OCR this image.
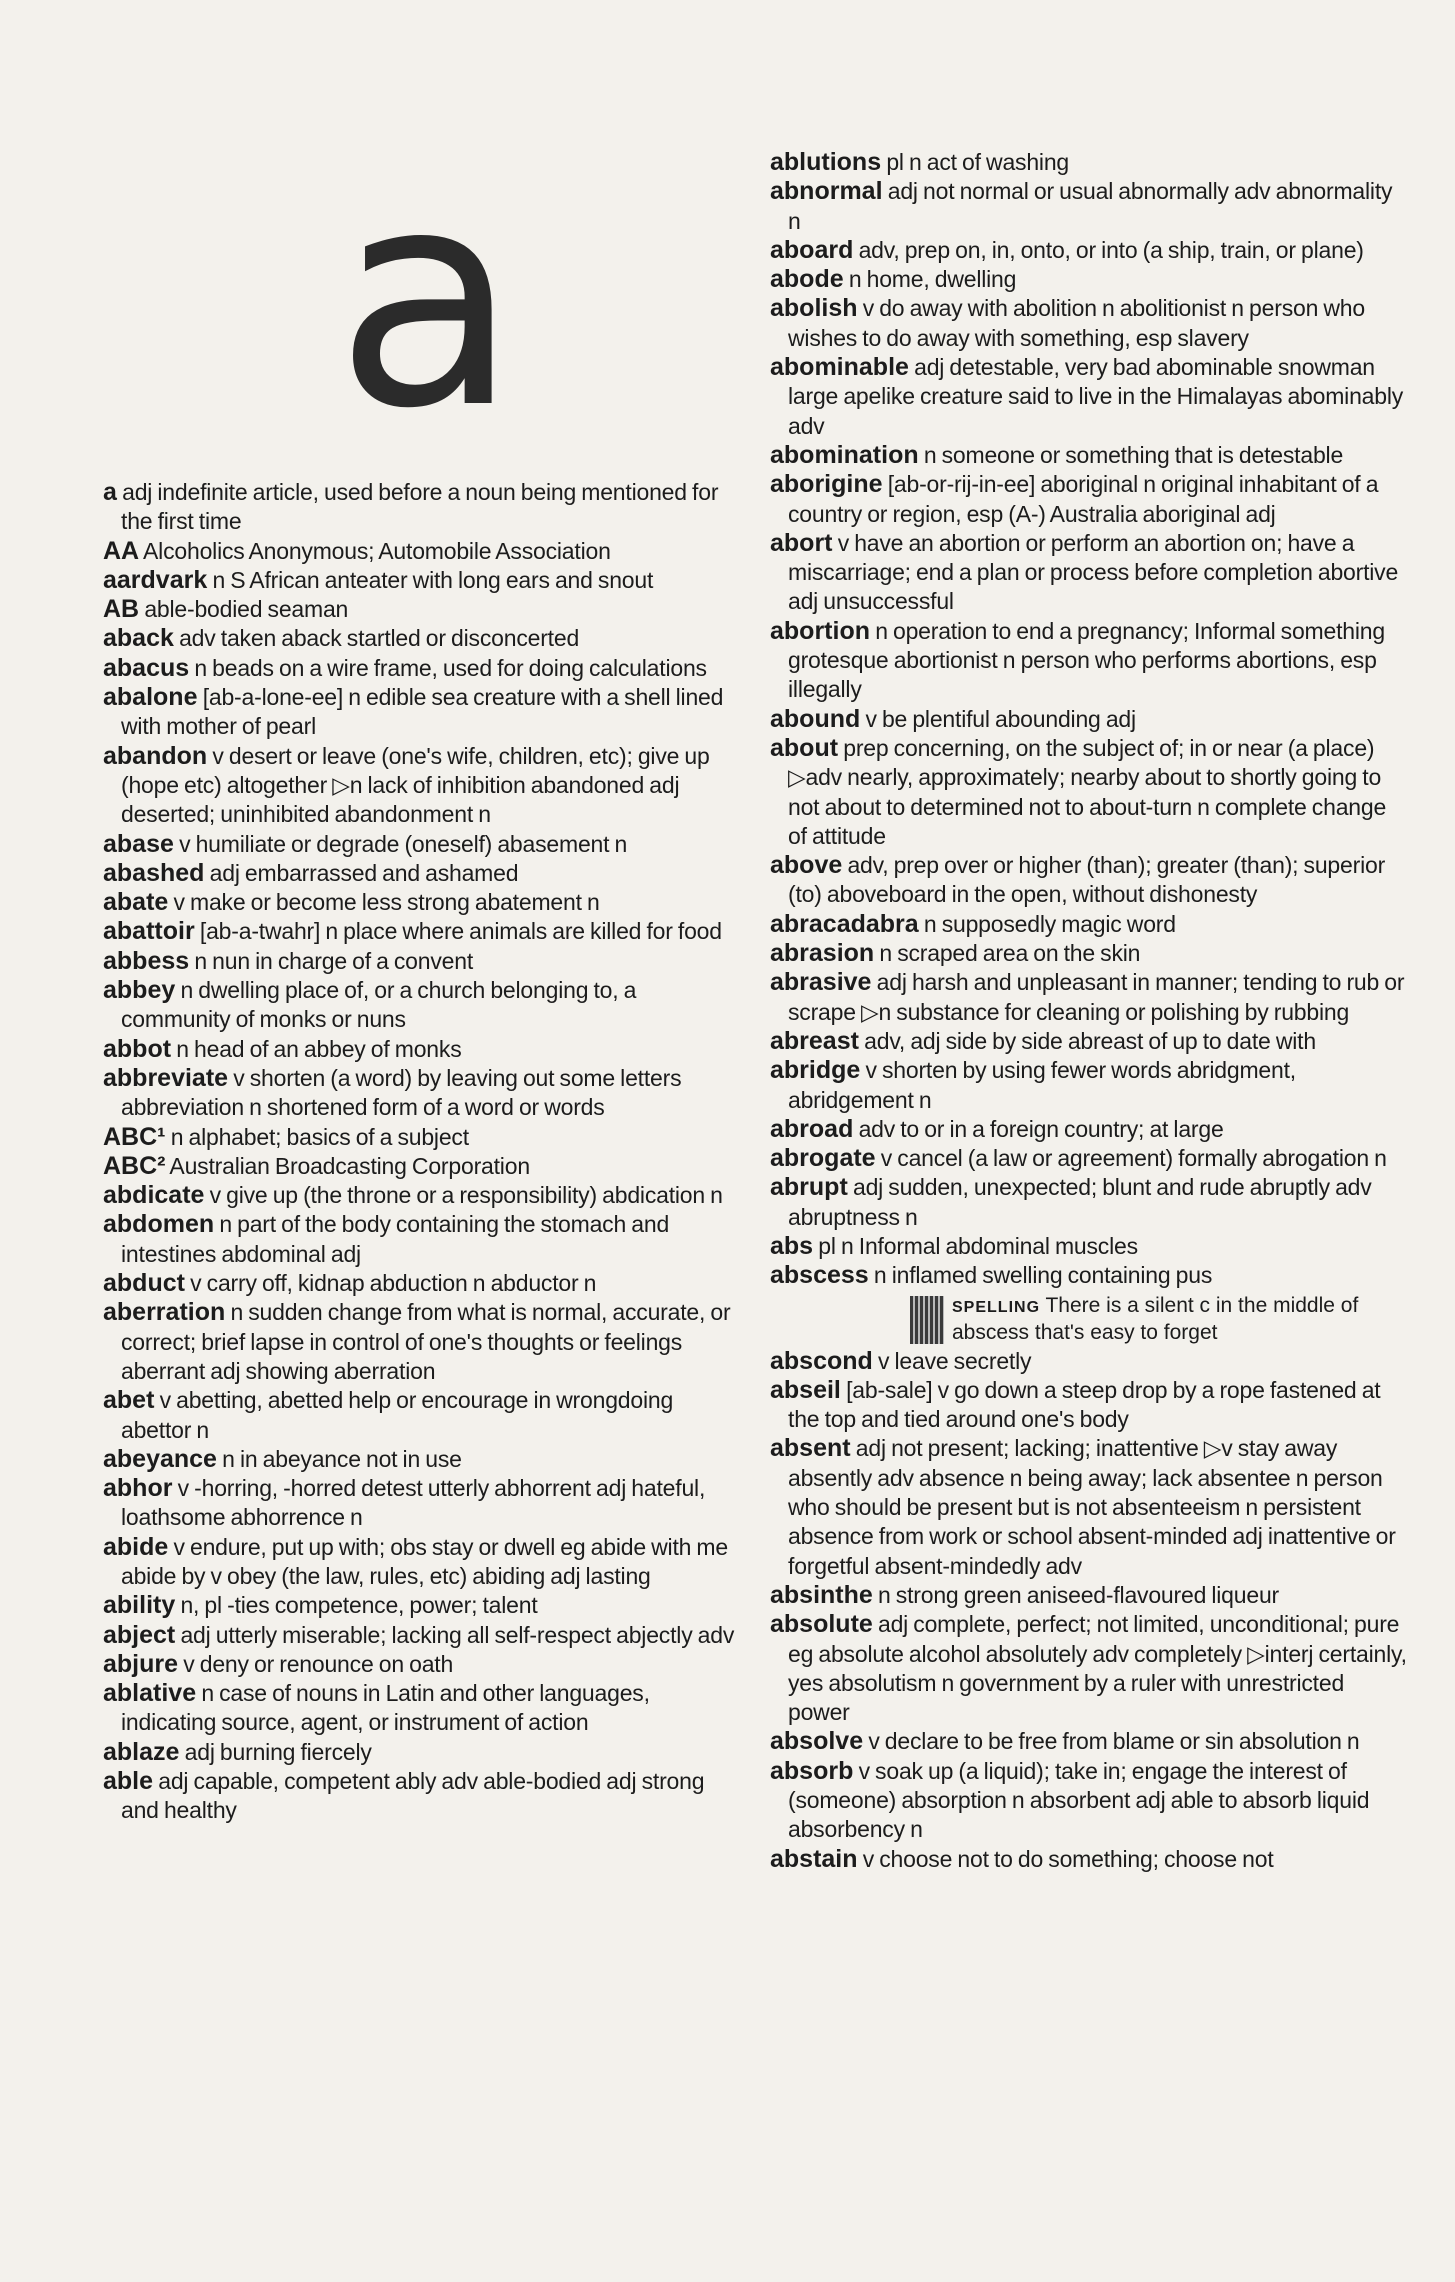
a
a adj indefinite article, used before a noun being mentioned for the first time
AA Alcoholics Anonymous; Automobile Association
aardvark n S African anteater with long ears and snout
AB able-bodied seaman
aback adv taken aback startled or disconcerted
abacus n beads on a wire frame, used for doing calculations
abalone [ab-a-lone-ee] n edible sea creature with a shell lined with mother of pearl
abandon v desert or leave (one's wife, children, etc); give up (hope etc) altogether ▷n lack of inhibition abandoned adj deserted; uninhibited abandonment n
abase v humiliate or degrade (oneself) abasement n
abashed adj embarrassed and ashamed
abate v make or become less strong abatement n
abattoir [ab-a-twahr] n place where animals are killed for food
abbess n nun in charge of a convent
abbey n dwelling place of, or a church belonging to, a community of monks or nuns
abbot n head of an abbey of monks
abbreviate v shorten (a word) by leaving out some letters abbreviation n shortened form of a word or words
ABC¹ n alphabet; basics of a subject
ABC² Australian Broadcasting Corporation
abdicate v give up (the throne or a responsibility) abdication n
abdomen n part of the body containing the stomach and intestines abdominal adj
abduct v carry off, kidnap abduction n abductor n
aberration n sudden change from what is normal, accurate, or correct; brief lapse in control of one's thoughts or feelings aberrant adj showing aberration
abet v abetting, abetted help or encourage in wrongdoing abettor n
abeyance n in abeyance not in use
abhor v -horring, -horred detest utterly abhorrent adj hateful, loathsome abhorrence n
abide v endure, put up with; obs stay or dwell eg abide with me abide by v obey (the law, rules, etc) abiding adj lasting
ability n, pl -ties competence, power; talent
abject adj utterly miserable; lacking all self-respect abjectly adv
abjure v deny or renounce on oath
ablative n case of nouns in Latin and other languages, indicating source, agent, or instrument of action
ablaze adj burning fiercely
able adj capable, competent ably adv able-bodied adj strong and healthy
ablutions pl n act of washing
abnormal adj not normal or usual abnormally adv abnormality n
aboard adv, prep on, in, onto, or into (a ship, train, or plane)
abode n home, dwelling
abolish v do away with abolition n abolitionist n person who wishes to do away with something, esp slavery
abominable adj detestable, very bad abominable snowman large apelike creature said to live in the Himalayas abominably adv
abomination n someone or something that is detestable
aborigine [ab-or-rij-in-ee] aboriginal n original inhabitant of a country or region, esp (A-) Australia aboriginal adj
abort v have an abortion or perform an abortion on; have a miscarriage; end a plan or process before completion abortive adj unsuccessful
abortion n operation to end a pregnancy; Informal something grotesque abortionist n person who performs abortions, esp illegally
abound v be plentiful abounding adj
about prep concerning, on the subject of; in or near (a place) ▷adv nearly, approximately; nearby about to shortly going to not about to determined not to about-turn n complete change of attitude
above adv, prep over or higher (than); greater (than); superior (to) aboveboard in the open, without dishonesty
abracadabra n supposedly magic word
abrasion n scraped area on the skin
abrasive adj harsh and unpleasant in manner; tending to rub or scrape ▷n substance for cleaning or polishing by rubbing
abreast adv, adj side by side abreast of up to date with
abridge v shorten by using fewer words abridgment, abridgement n
abroad adv to or in a foreign country; at large
abrogate v cancel (a law or agreement) formally abrogation n
abrupt adj sudden, unexpected; blunt and rude abruptly adv abruptness n
abs pl n Informal abdominal muscles
abscess n inflamed swelling containing pus
SPELLING There is a silent c in the middle of abscess that's easy to forget
abscond v leave secretly
abseil [ab-sale] v go down a steep drop by a rope fastened at the top and tied around one's body
absent adj not present; lacking; inattentive ▷v stay away absently adv absence n being away; lack absentee n person who should be present but is not absenteeism n persistent absence from work or school absent-minded adj inattentive or forgetful absent-mindedly adv
absinthe n strong green aniseed-flavoured liqueur
absolute adj complete, perfect; not limited, unconditional; pure eg absolute alcohol absolutely adv completely ▷interj certainly, yes absolutism n government by a ruler with unrestricted power
absolve v declare to be free from blame or sin absolution n
absorb v soak up (a liquid); take in; engage the interest of (someone) absorption n absorbent adj able to absorb liquid absorbency n
abstain v choose not to do something; choose not
